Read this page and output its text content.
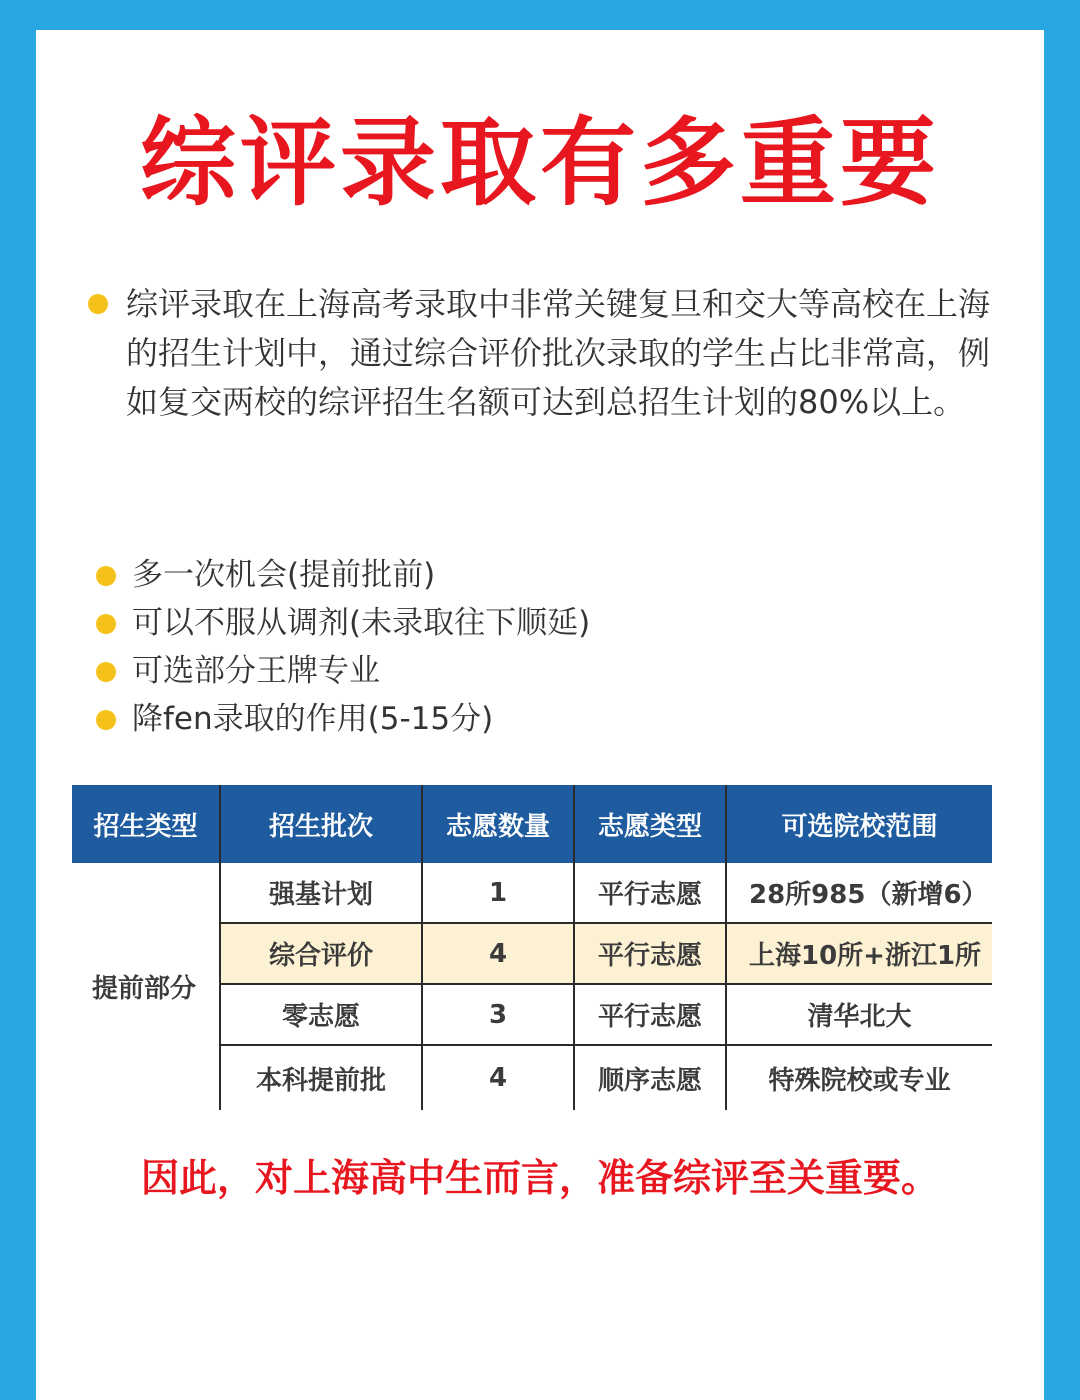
综评录取有多重要
综评录取在上海高考录取中非常关键复旦和交大等高校在上海的招生计划中，通过综合评价批次录取的学生占比非常高，例如复交两校的综评招生名额可达到总招生计划的80%以上。
多一次机会(提前批前)
可以不服从调剂(未录取往下顺延)
可选部分王牌专业
降fen录取的作用(5-15分)
招生类型	招生批次	志愿数量	志愿类型	可选院校范围
提前部分	强基计划	1	平行志愿	28所985（新增6）
	综合评价	4	平行志愿	上海10所+浙江1所
	零志愿	3	平行志愿	清华北大
	本科提前批	4	顺序志愿	特殊院校或专业
因此，对上海高中生而言，准备综评至关重要。
